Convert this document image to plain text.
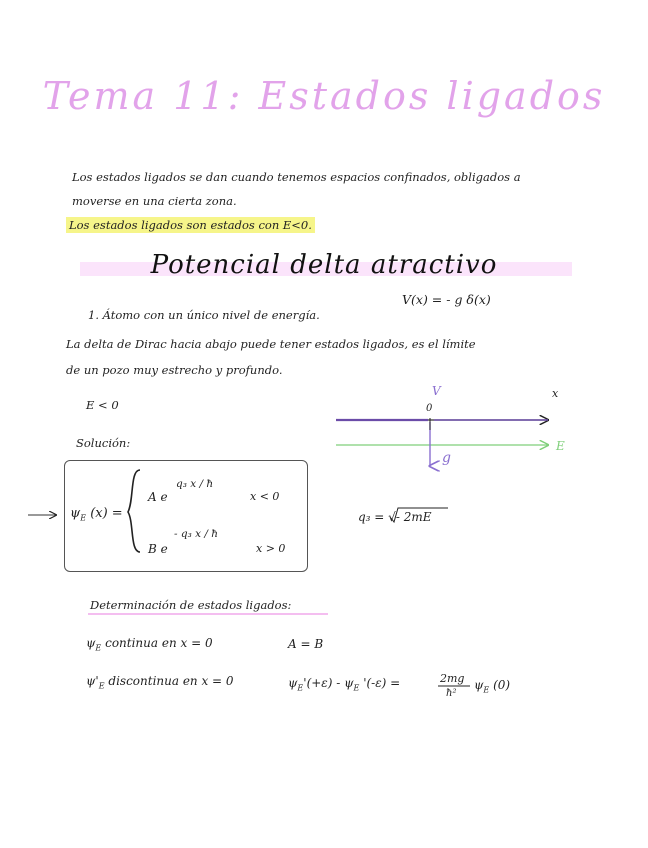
Tema 11: Estados ligados
Los estados ligados se dan cuando tenemos espacios confinados, obligados a
moverse en una cierta zona.
Los estados ligados son estados con E<0.
Potencial delta atractivo
V(x) = - g δ(x)
1. Átomo con un único nivel de energía.
La delta de Dirac hacia abajo puede tener estados ligados, es el límite
de un pozo muy estrecho y profundo.
E < 0
Solución:
V	x
0
E
g
$\psi_E$ (x) =
q₃ x / ħ
A e	x < 0
- q₃ x / ħ
B e	x > 0
q₃ = √- 2mE
Determinación de estados ligados:
$\psi_E$ continua en x = 0	A = B
$\psi'_E$ discontinua en x = 0	$\psi_E'(+\varepsilon) - \psi_E$ '(-ε) =	2mg
ħ²
$\psi_E$ (0)
